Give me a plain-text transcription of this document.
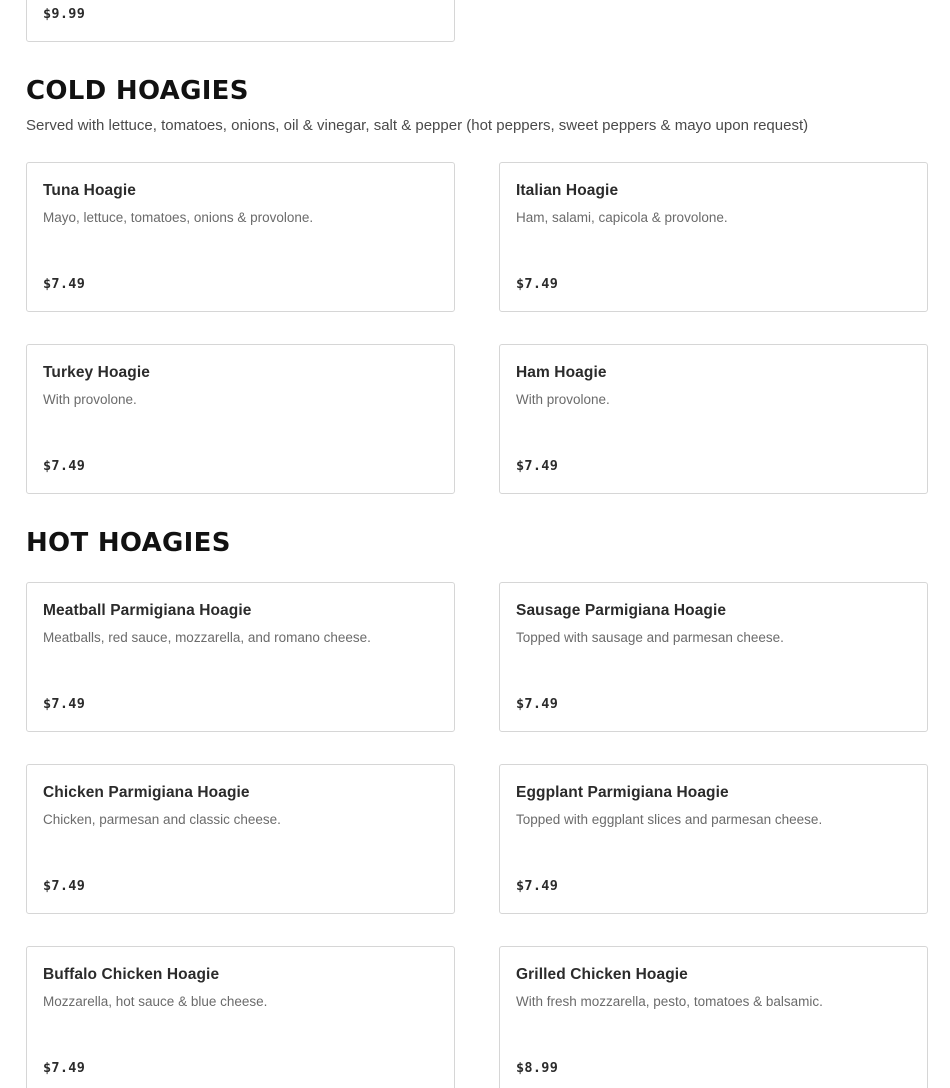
$9.99
COLD HOAGIES

Served with lettuce, tomatoes, onions, oil & vinegar, salt & pepper (hot peppers, sweet peppers & mayo upon request)

Tuna Hoagie
Mayo, lettuce, tomatoes, onions & provolone.
$7.49
Italian Hoagie
Ham, salami, capicola & provolone.
$7.49
Turkey Hoagie
With provolone.
$7.49
Ham Hoagie
With provolone.
$7.49
HOT HOAGIES
Meatball Parmigiana Hoagie
Meatballs, red sauce, mozzarella, and romano cheese.
$7.49
Sausage Parmigiana Hoagie
Topped with sausage and parmesan cheese.
$7.49
Chicken Parmigiana Hoagie
Chicken, parmesan and classic cheese.
$7.49
Eggplant Parmigiana Hoagie
Topped with eggplant slices and parmesan cheese.
$7.49
Buffalo Chicken Hoagie
Mozzarella, hot sauce & blue cheese.
$7.49
Grilled Chicken Hoagie
With fresh mozzarella, pesto, tomatoes & balsamic.
$8.99
